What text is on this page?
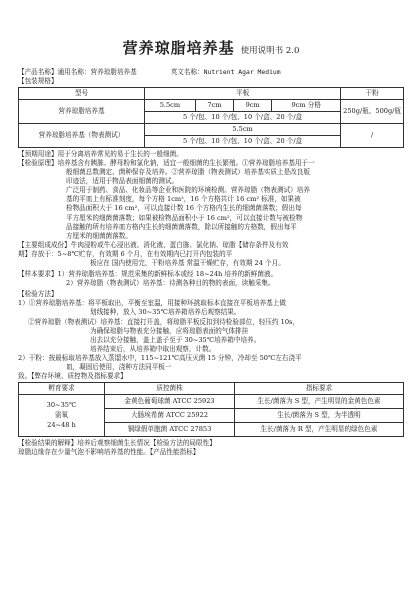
营养琼脂培养基 使用说明书 2.0
【产品名称】通用名称：营养琼脂培养基	英文名称：Nutrient Agar Medium
【包装规格】
型号	平板				干粉
营养琼脂培养基	5.5cm	7cm	9cm	9cm 分格	250g/瓶、500g/瓶
	5 个/包、10 个/包、10 个/盒、20 个/盒				
营养琼脂培养基（物表测试）	5.5cm				/
	5 个/包、10 个/包、10 个/盒、20 个/盒				
【预期用途】用于分离培养常见的易于生长的一般细菌。
【检验原理】培养基含有胰胨、酵母粉和氯化钠，适宜一般细菌的生长繁殖。①营养琼脂培养基用于一
般细菌总数测定、菌种保存及培养。②营养琼脂（物表测试）培养基实质上是改良版
印迹法，适用于物品表面细菌的测试。
广泛用于制药、食品、化妆品等企业和医院的环境检测。营养琼脂（物表测试）培养
基的平皿上有标准刻度，每个方格 1cm²，16 个方格共计 16 cm² 标准，如果被
检物品面积大于 16 cm²，可以直接计数 16 个方格内生长的细菌菌落数；假出每
平方厘米的细菌菌落数；如果被检物品面积小于 16 cm²，可以直接计数与被检物
品接触的所有培养皿方格内生长的细菌菌落数，除以所接触的方格数，假出每平
方厘米的细菌菌落数。
【主要组成成份】牛肉浸粉或牛心浸出液、消化液、蛋白胨、氯化钠、琼脂【储存条件及有效
期】存放于：5~8℃贮存，有效期 6 个月，在有效期内已打开内包装的平
板应在 国内使用完，干粉培养基 常温干燥贮存，有效期 24 个月。
【样本要求】1）营养琼脂培养基：规范采集的新鲜标本或经 18~24h 培养的新鲜菌液。
2）营养琼脂（物表测试）培养基：待测各种目的物的表面，读触采集。
【检验方法】
1）①营养琼脂培养基：将平板取出，平衡至室温，用接种环挑取标本直接在平板培养基上做
划线接种，放入 30~35℃培养箱培养后观察结果。
②营养琼脂（物表测试）培养基：直接打开盖，将琼脂平板反扣到待检验部位，轻压约 10s，
为确保琼脂与物表充分接触，应将琼脂表面的气体排挂
出去以充分接触，盖上盖子至于 30~35℃培养箱中培养。
培养结束后，从培养箱中取出观察，计数。
2）干粉：按最标取培养基放入蒸馏水中，115~121℃高压灭菌 15 分钟，冷却至 50℃左右浇平
皿，凝固后使用，浇种方法同平板一
致。【弊存环境、质控物及指标要求】
孵育要求	质控菌株	指标要求

30~35℃
需氧
24~48 h	金黄色葡萄球菌 ATCC 25923	生长/菌落为 S 型，产生明显的金黄色色素
	大肠埃希菌 ATCC 25922	生长/菌落为 S 型，为半透明
	铜绿假单胞菌 ATCC 27853	生长/菌落为 R 型，产生明显的绿色色素
【检验结果的解释】培养后观察细菌生长情况【检验方法的局限性】
琼脂边缘存在少量气泡不影响培养基的性能。【产品性能指标】
